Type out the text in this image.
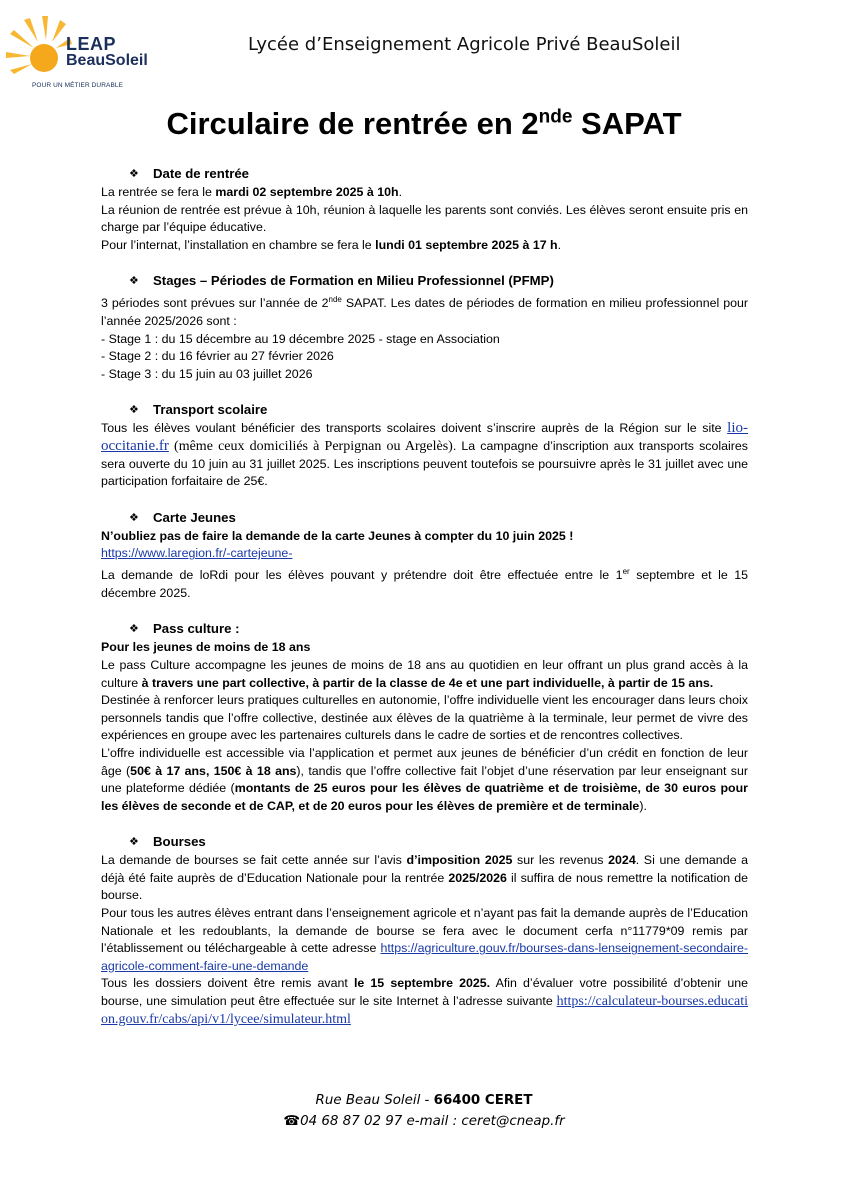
LEAP
BeauSoleil
POUR UN MÉTIER DURABLE
Lycée d’Enseignement Agricole Privé BeauSoleil
Circulaire de rentrée en 2nde SAPAT
❖	Date de rentrée

La rentrée se fera le mardi 02 septembre 2025 à 10h.

La réunion de rentrée est prévue à 10h, réunion à laquelle les parents sont conviés. Les élèves seront ensuite pris en charge par l’équipe éducative.

Pour l’internat, l’installation en chambre se fera le lundi 01 septembre 2025 à 17 h.

❖	Stages – Périodes de Formation en Milieu Professionnel (PFMP)

3 périodes sont prévues sur l’année de 2nde SAPAT. Les dates de périodes de formation en milieu professionnel pour l’année 2025/2026 sont :

- Stage 1 : du 15 décembre au 19 décembre 2025 - stage en Association

- Stage 2 : du 16 février au 27 février 2026

- Stage 3 : du 15 juin au 03 juillet 2026

❖	Transport scolaire

Tous les élèves voulant bénéficier des transports scolaires doivent s’inscrire auprès de la Région sur le site lio-occitanie.fr (même ceux domiciliés à Perpignan ou Argelès). La campagne d’inscription aux transports scolaires sera ouverte du 10 juin au 31 juillet 2025. Les inscriptions peuvent toutefois se poursuivre après le 31 juillet avec une participation forfaitaire de 25€.

❖	Carte Jeunes

N’oubliez pas de faire la demande de la carte Jeunes à compter du 10 juin 2025 !

https://www.laregion.fr/-cartejeune-

La demande de loRdi pour les élèves pouvant y prétendre doit être effectuée entre le 1er septembre et le 15 décembre 2025.

❖	Pass culture :

Pour les jeunes de moins de 18 ans

Le pass Culture accompagne les jeunes de moins de 18 ans au quotidien en leur offrant un plus grand accès à la culture à travers une part collective, à partir de la classe de 4e et une part individuelle, à partir de 15 ans.

Destinée à renforcer leurs pratiques culturelles en autonomie, l’offre individuelle vient les encourager dans leurs choix personnels tandis que l’offre collective, destinée aux élèves de la quatrième à la terminale, leur permet de vivre des expériences en groupe avec les partenaires culturels dans le cadre de sorties et de rencontres collectives.

L’offre individuelle est accessible via l’application et permet aux jeunes de bénéficier d’un crédit en fonction de leur âge (50€ à 17 ans, 150€ à 18 ans), tandis que l’offre collective fait l’objet d’une réservation par leur enseignant sur une plateforme dédiée (montants de 25 euros pour les élèves de quatrième et de troisième, de 30 euros pour les élèves de seconde et de CAP, et de 20 euros pour les élèves de première et de terminale).

❖	Bourses

La demande de bourses se fait cette année sur l’avis d’imposition 2025 sur les revenus 2024. Si une demande a déjà été faite auprès de d’Education Nationale pour la rentrée 2025/2026 il suffira de nous remettre la notification de bourse.

Pour tous les autres élèves entrant dans l’enseignement agricole et n’ayant pas fait la demande auprès de l’Education Nationale et les redoublants, la demande de bourse se fera avec le document cerfa n°11779*09 remis par l’établissement ou téléchargeable à cette adresse https://agriculture.gouv.fr/bourses-dans-lenseignement-secondaire-agricole-comment-faire-une-demande

Tous les dossiers doivent être remis avant le 15 septembre 2025. Afin d’évaluer votre possibilité d’obtenir une bourse, une simulation peut être effectuée sur le site Internet à l’adresse suivante https://calculateur-bourses.education.gouv.fr/cabs/api/v1/lycee/simulateur.html

Rue Beau Soleil - 66400 CERET
☎04 68 87 02 97 e-mail : ceret@cneap.fr
